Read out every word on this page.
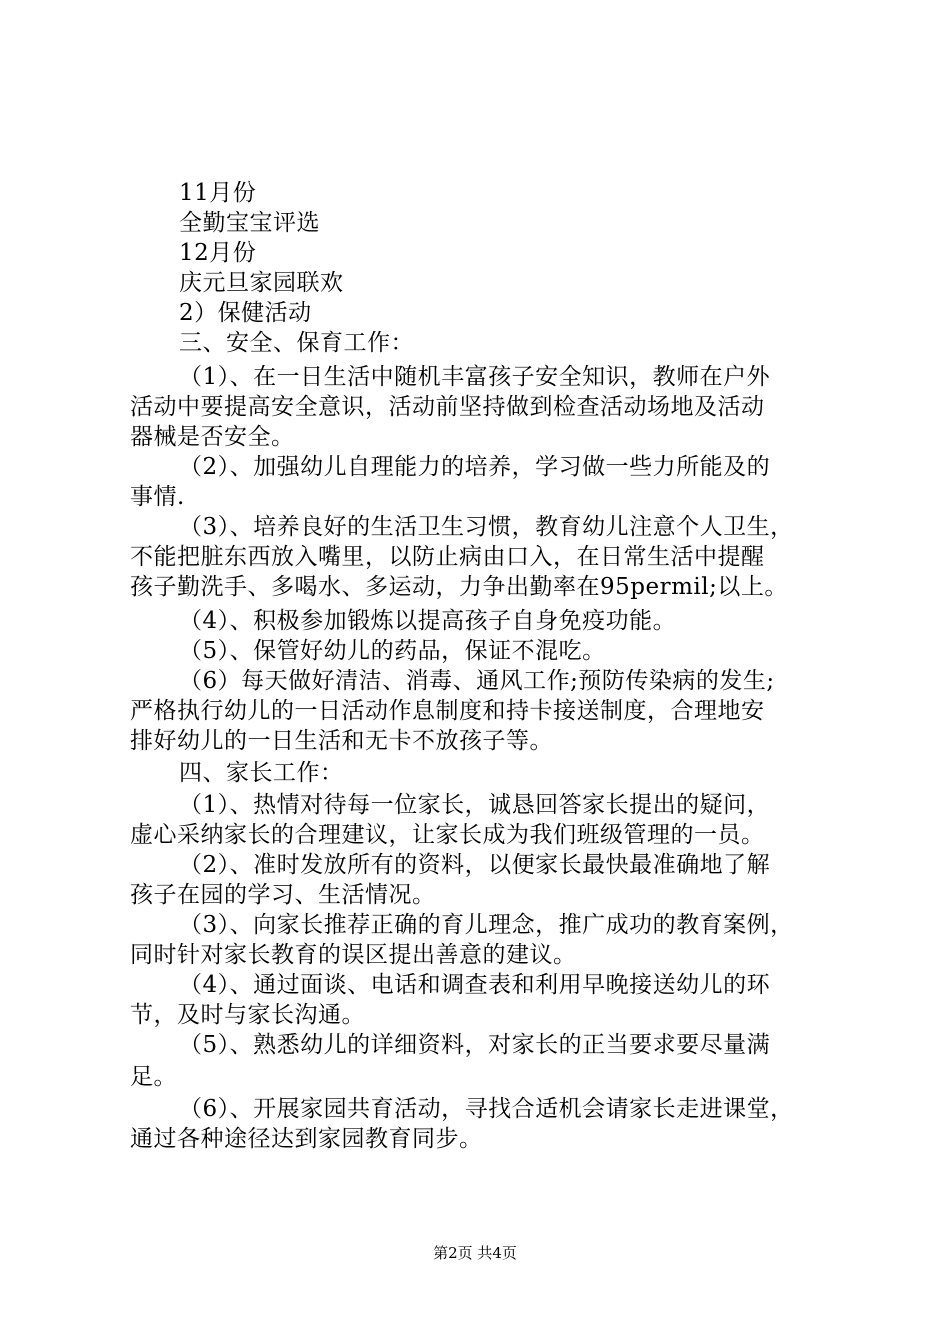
11月份
全勤宝宝评选
12月份
庆元旦家园联欢
2）保健活动
三、安全、保育工作：
（1）、在一日生活中随机丰富孩子安全知识，教师在户外
活动中要提高安全意识，活动前坚持做到检查活动场地及活动
器械是否安全。
（2）、加强幼儿自理能力的培养，学习做一些力所能及的
事情.
（3）、培养良好的生活卫生习惯，教育幼儿注意个人卫生，
不能把脏东西放入嘴里，以防止病由口入，在日常生活中提醒
孩子勤洗手、多喝水、多运动，力争出勤率在95permil;以上。
（4）、积极参加锻炼以提高孩子自身免疫功能。
（5）、保管好幼儿的药品，保证不混吃。
（6）每天做好清洁、消毒、通风工作;预防传染病的发生;
严格执行幼儿的一日活动作息制度和持卡接送制度，合理地安
排好幼儿的一日生活和无卡不放孩子等。
四、家长工作：
（1）、热情对待每一位家长，诚恳回答家长提出的疑问，
虚心采纳家长的合理建议，让家长成为我们班级管理的一员。
（2）、准时发放所有的资料，以便家长最快最准确地了解
孩子在园的学习、生活情况。
（3）、向家长推荐正确的育儿理念，推广成功的教育案例，
同时针对家长教育的误区提出善意的建议。
（4）、通过面谈、电话和调查表和利用早晚接送幼儿的环
节，及时与家长沟通。
（5）、熟悉幼儿的详细资料，对家长的正当要求要尽量满
足。
（6）、开展家园共育活动，寻找合适机会请家长走进课堂，
通过各种途径达到家园教育同步。
第2页 共4页
